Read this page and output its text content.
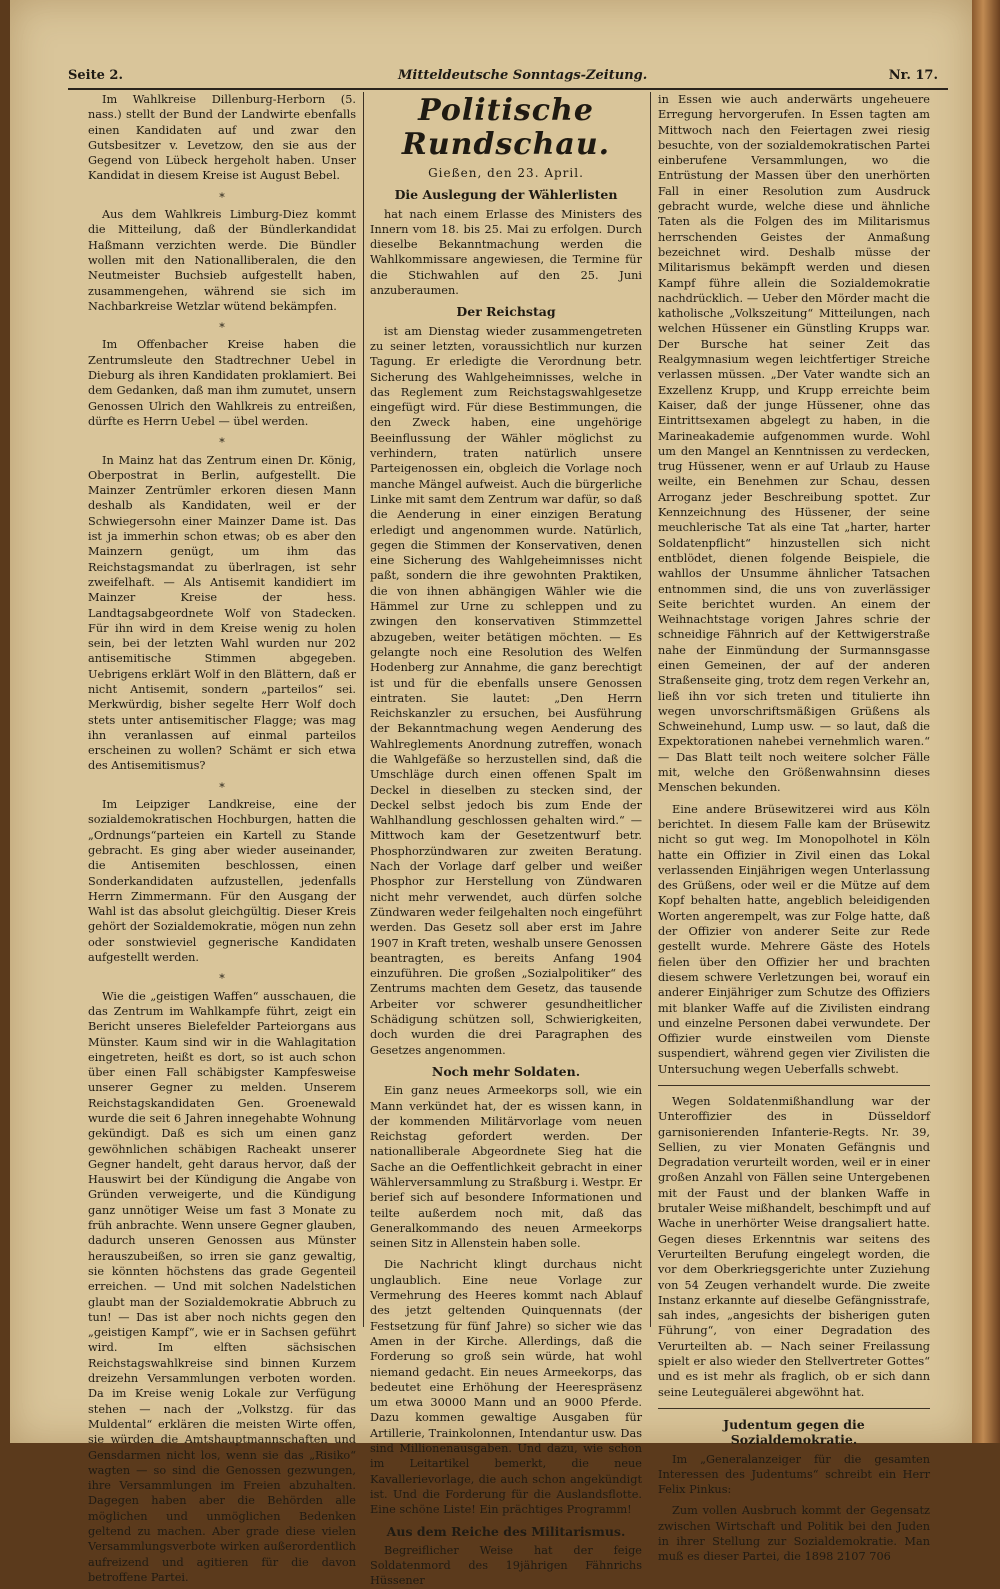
Seite 2.	Mitteldeutsche Sonntags-Zeitung.	Nr. 17.

Im Wahlkreise Dillenburg-Herborn (5. nass.) stellt der Bund der Landwirte ebenfalls einen Kandidaten auf und zwar den Gutsbesitzer v. Levetzow, den sie aus der Gegend von Lübeck hergeholt haben. Unser Kandidat in diesem Kreise ist August Bebel.

*

Aus dem Wahlkreis Limburg-Diez kommt die Mitteilung, daß der Bündlerkandidat Haßmann verzichten werde. Die Bündler wollen mit den Nationalliberalen, die den Neutmeister Buchsieb aufgestellt haben, zusammengehen, während sie sich im Nachbarkreise Wetzlar wütend bekämpfen.

*

Im Offenbacher Kreise haben die Zentrumsleute den Stadtrechner Uebel in Dieburg als ihren Kandidaten proklamiert. Bei dem Gedanken, daß man ihm zumutet, unsern Genossen Ulrich den Wahlkreis zu entreißen, dürfte es Herrn Uebel — übel werden.

*

In Mainz hat das Zentrum einen Dr. König, Oberpostrat in Berlin, aufgestellt. Die Mainzer Zentrümler erkoren diesen Mann deshalb als Kandidaten, weil er der Schwiegersohn einer Mainzer Dame ist. Das ist ja immerhin schon etwas; ob es aber den Mainzern genügt, um ihm das Reichstagsmandat zu überlragen, ist sehr zweifelhaft. — Als Antisemit kandidiert im Mainzer Kreise der hess. Landtagsabgeordnete Wolf von Stadecken. Für ihn wird in dem Kreise wenig zu holen sein, bei der letzten Wahl wurden nur 202 antisemitische Stimmen abgegeben. Uebrigens erklärt Wolf in den Blättern, daß er nicht Antisemit, sondern „parteilos“ sei. Merkwürdig, bisher segelte Herr Wolf doch stets unter antisemitischer Flagge; was mag ihn veranlassen auf einmal parteilos erscheinen zu wollen? Schämt er sich etwa des Antisemitismus?

*

Im Leipziger Landkreise, eine der sozialdemokratischen Hochburgen, hatten die „Ordnungs“parteien ein Kartell zu Stande gebracht. Es ging aber wieder auseinander, die Antisemiten beschlossen, einen Sonderkandidaten aufzustellen, jedenfalls Herrn Zimmermann. Für den Ausgang der Wahl ist das absolut gleichgültig. Dieser Kreis gehört der Sozialdemokratie, mögen nun zehn oder sonstwieviel gegnerische Kandidaten aufgestellt werden.

*

Wie die „geistigen Waffen“ ausschauen, die das Zentrum im Wahlkampfe führt, zeigt ein Bericht unseres Bielefelder Parteiorgans aus Münster. Kaum sind wir in die Wahlagitation eingetreten, heißt es dort, so ist auch schon über einen Fall schäbigster Kampfesweise unserer Gegner zu melden. Unserem Reichstagskandidaten Gen. Groenewald wurde die seit 6 Jahren innegehabte Wohnung gekündigt. Daß es sich um einen ganz gewöhnlichen schäbigen Racheakt unserer Gegner handelt, geht daraus hervor, daß der Hauswirt bei der Kündigung die Angabe von Gründen verweigerte, und die Kündigung ganz unnötiger Weise um fast 3 Monate zu früh anbrachte. Wenn unsere Gegner glauben, dadurch unseren Genossen aus Münster herauszubeißen, so irren sie ganz gewaltig, sie könnten höchstens das grade Gegenteil erreichen. — Und mit solchen Nadelstichen glaubt man der Sozialdemokratie Abbruch zu tun! — Das ist aber noch nichts gegen den „geistigen Kampf“, wie er in Sachsen geführt wird. Im elften sächsischen Reichstagswahlkreise sind binnen Kurzem dreizehn Versammlungen verboten worden. Da im Kreise wenig Lokale zur Verfügung stehen — nach der „Volkstzg. für das Muldental“ erklären die meisten Wirte offen, sie würden die Amtshauptmannschaften und Gensdarmen nicht los, wenn sie das „Risiko“ wagten — so sind die Genossen gezwungen, ihre Versammlungen im Freien abzuhalten. Dagegen haben aber die Behörden alle möglichen und unmöglichen Bedenken geltend zu machen. Aber grade diese vielen Versammlungsverbote wirken außerordentlich aufreizend und agitieren für die davon betroffene Partei.

Politische Rundschau.
Gießen, den 23. April.
Die Auslegung der Wählerlisten

hat nach einem Erlasse des Ministers des Innern vom 18. bis 25. Mai zu erfolgen. Durch dieselbe Bekanntmachung werden die Wahlkommissare angewiesen, die Termine für die Stichwahlen auf den 25. Juni anzuberaumen.

Der Reichstag

ist am Dienstag wieder zusammengetreten zu seiner letzten, voraussichtlich nur kurzen Tagung. Er erledigte die Verordnung betr. Sicherung des Wahlgeheimnisses, welche in das Reglement zum Reichstagswahlgesetze eingefügt wird. Für diese Bestimmungen, die den Zweck haben, eine ungehörige Beeinflussung der Wähler möglichst zu verhindern, traten natürlich unsere Parteigenossen ein, obgleich die Vorlage noch manche Mängel aufweist. Auch die bürgerliche Linke mit samt dem Zentrum war dafür, so daß die Aenderung in einer einzigen Beratung erledigt und angenommen wurde. Natürlich, gegen die Stimmen der Konservativen, denen eine Sicherung des Wahlgeheimnisses nicht paßt, sondern die ihre gewohnten Praktiken, die von ihnen abhängigen Wähler wie die Hämmel zur Urne zu schleppen und zu zwingen den konservativen Stimmzettel abzugeben, weiter betätigen möchten. — Es gelangte noch eine Resolution des Welfen Hodenberg zur Annahme, die ganz berechtigt ist und für die ebenfalls unsere Genossen eintraten. Sie lautet: „Den Herrn Reichskanzler zu ersuchen, bei Ausführung der Bekanntmachung wegen Aenderung des Wahlreglements Anordnung zutreffen, wonach die Wahlgefäße so herzustellen sind, daß die Umschläge durch einen offenen Spalt im Deckel in dieselben zu stecken sind, der Deckel selbst jedoch bis zum Ende der Wahlhandlung geschlossen gehalten wird.“ — Mittwoch kam der Gesetzentwurf betr. Phosphorzündwaren zur zweiten Beratung. Nach der Vorlage darf gelber und weißer Phosphor zur Herstellung von Zündwaren nicht mehr verwendet, auch dürfen solche Zündwaren weder feilgehalten noch eingeführt werden. Das Gesetz soll aber erst im Jahre 1907 in Kraft treten, weshalb unsere Genossen beantragten, es bereits Anfang 1904 einzuführen. Die großen „Sozialpolitiker“ des Zentrums machten dem Gesetz, das tausende Arbeiter vor schwerer gesundheitlicher Schädigung schützen soll, Schwierigkeiten, doch wurden die drei Paragraphen des Gesetzes angenommen.

Noch mehr Soldaten.

Ein ganz neues Armeekorps soll, wie ein Mann verkündet hat, der es wissen kann, in der kommenden Militärvorlage vom neuen Reichstag gefordert werden. Der nationalliberale Abgeordnete Sieg hat die Sache an die Oeffentlichkeit gebracht in einer Wählerversammlung zu Straßburg i. Westpr. Er berief sich auf besondere Informationen und teilte außerdem noch mit, daß das Generalkommando des neuen Armeekorps seinen Sitz in Allenstein haben solle.

Die Nachricht klingt durchaus nicht unglaublich. Eine neue Vorlage zur Vermehrung des Heeres kommt nach Ablauf des jetzt geltenden Quinquennats (der Festsetzung für fünf Jahre) so sicher wie das Amen in der Kirche. Allerdings, daß die Forderung so groß sein würde, hat wohl niemand gedacht. Ein neues Armeekorps, das bedeutet eine Erhöhung der Heerespräsenz um etwa 30000 Mann und an 9000 Pferde. Dazu kommen gewaltige Ausgaben für Artillerie, Trainkolonnen, Intendantur usw. Das sind Millionenausgaben. Und dazu, wie schon im Leitartikel bemerkt, die neue Kavallerievorlage, die auch schon angekündigt ist. Und die Forderung für die Auslandsflotte. Eine schöne Liste! Ein prächtiges Programm!

Aus dem Reiche des Militarismus.

Begreiflicher Weise hat der feige Soldatenmord des 19jährigen Fähnrichs Hüssener

in Essen wie auch anderwärts ungeheuere Erregung hervorgerufen. In Essen tagten am Mittwoch nach den Feiertagen zwei riesig besuchte, von der sozialdemokratischen Partei einberufene Versammlungen, wo die Entrüstung der Massen über den unerhörten Fall in einer Resolution zum Ausdruck gebracht wurde, welche diese und ähnliche Taten als die Folgen des im Militarismus herrschenden Geistes der Anmaßung bezeichnet wird. Deshalb müsse der Militarismus bekämpft werden und diesen Kampf führe allein die Sozialdemokratie nachdrücklich. — Ueber den Mörder macht die katholische „Volkszeitung“ Mitteilungen, nach welchen Hüssener ein Günstling Krupps war. Der Bursche hat seiner Zeit das Realgymnasium wegen leichtfertiger Streiche verlassen müssen. „Der Vater wandte sich an Exzellenz Krupp, und Krupp erreichte beim Kaiser, daß der junge Hüssener, ohne das Eintrittsexamen abgelegt zu haben, in die Marineakademie aufgenommen wurde. Wohl um den Mangel an Kenntnissen zu verdecken, trug Hüssener, wenn er auf Urlaub zu Hause weilte, ein Benehmen zur Schau, dessen Arroganz jeder Beschreibung spottet. Zur Kennzeichnung des Hüssener, der seine meuchlerische Tat als eine Tat „harter, harter Soldatenpflicht“ hinzustellen sich nicht entblödet, dienen folgende Beispiele, die wahllos der Unsumme ähnlicher Tatsachen entnommen sind, die uns von zuverlässiger Seite berichtet wurden. An einem der Weihnachtstage vorigen Jahres schrie der schneidige Fähnrich auf der Kettwigerstraße nahe der Einmündung der Surmannsgasse einen Gemeinen, der auf der anderen Straßenseite ging, trotz dem regen Verkehr an, ließ ihn vor sich treten und titulierte ihn wegen unvorschriftsmäßigen Grüßens als Schweinehund, Lump usw. — so laut, daß die Expektorationen nahebei vernehmlich waren.“ — Das Blatt teilt noch weitere solcher Fälle mit, welche den Größenwahnsinn dieses Menschen bekunden.

Eine andere Brüsewitzerei wird aus Köln berichtet. In diesem Falle kam der Brüsewitz nicht so gut weg. Im Monopolhotel in Köln hatte ein Offizier in Zivil einen das Lokal verlassenden Einjährigen wegen Unterlassung des Grüßens, oder weil er die Mütze auf dem Kopf behalten hatte, angeblich beleidigenden Worten angerempelt, was zur Folge hatte, daß der Offizier von anderer Seite zur Rede gestellt wurde. Mehrere Gäste des Hotels fielen über den Offizier her und brachten diesem schwere Verletzungen bei, worauf ein anderer Einjähriger zum Schutze des Offiziers mit blanker Waffe auf die Zivilisten eindrang und einzelne Personen dabei verwundete. Der Offizier wurde einstweilen vom Dienste suspendiert, während gegen vier Zivilisten die Untersuchung wegen Ueberfalls schwebt.

Wegen Soldatenmißhandlung war der Unteroffizier des in Düsseldorf garnisonierenden Infanterie-Regts. Nr. 39, Sellien, zu vier Monaten Gefängnis und Degradation verurteilt worden, weil er in einer großen Anzahl von Fällen seine Untergebenen mit der Faust und der blanken Waffe in brutaler Weise mißhandelt, beschimpft und auf Wache in unerhörter Weise drangsaliert hatte. Gegen dieses Erkenntnis war seitens des Verurteilten Berufung eingelegt worden, die vor dem Oberkriegsgerichte unter Zuziehung von 54 Zeugen verhandelt wurde. Die zweite Instanz erkannte auf dieselbe Gefängnisstrafe, sah indes, „angesichts der bisherigen guten Führung“, von einer Degradation des Verurteilten ab. — Nach seiner Freilassung spielt er also wieder den Stellvertreter Gottes“ und es ist mehr als fraglich, ob er sich dann seine Leuteguälerei abgewöhnt hat.

Judentum gegen die Sozialdemokratie.

Im „Generalanzeiger für die gesamten Interessen des Judentums“ schreibt ein Herr Felix Pinkus:

Zum vollen Ausbruch kommt der Gegensatz zwischen Wirtschaft und Politik bei den Juden in ihrer Stellung zur Sozialdemokratie. Man muß es dieser Partei, die 1898 2107 706
